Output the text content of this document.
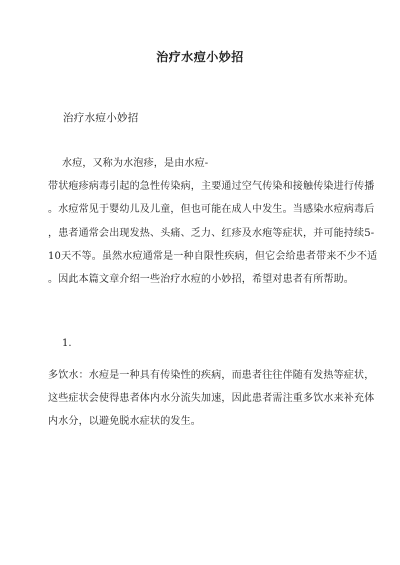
治疗水痘小妙招
治疗水痘小妙招
水痘，又称为水泡疹，是由水痘-
带状疱疹病毒引起的急性传染病，主要通过空气传染和接触传染进行传播
。水痘常见于婴幼儿及儿童，但也可能在成人中发生。当感染水痘病毒后
，患者通常会出现发热、头痛、乏力、红疹及水疱等症状，并可能持续5-
10天不等。虽然水痘通常是一种自限性疾病，但它会给患者带来不少不适
。因此本篇文章介绍一些治疗水痘的小妙招，希望对患者有所帮助。
1.
多饮水：水痘是一种具有传染性的疾病，而患者往往伴随有发热等症状，
这些症状会使得患者体内水分流失加速，因此患者需注重多饮水来补充体
内水分，以避免脱水症状的发生。
